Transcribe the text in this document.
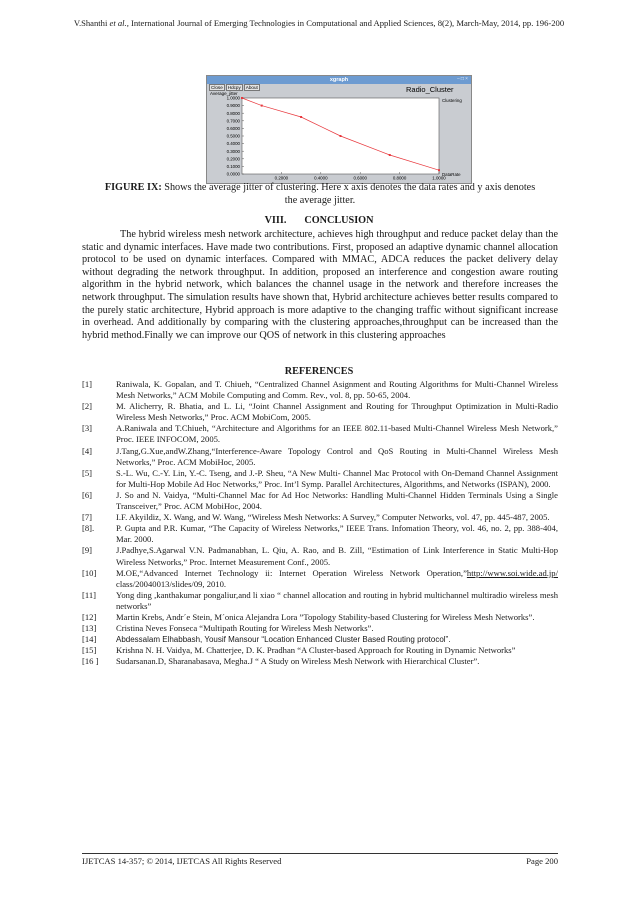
V.Shanthi et al., International Journal of Emerging Technologies in Computational and Applied Sciences, 8(2), March-May, 2014, pp. 196-200
xgraph	– □ ×
Close Hdcpy About
Average_jitter	Radio_Cluster
0.0000
0.1000
0.2000
0.3000
0.4000
0.5000
0.6000
0.7000
0.8000
0.9000
1.0000
0.2000	0.4000	0.6000	0.8000	1.0000
DataRate
Clustering
FIGURE IX: Shows the average jitter of clustering. Here x axis denotes the data rates and y axis denotes the average jitter.
VIII. CONCLUSION

The hybrid wireless mesh network architecture, achieves high throughput and reduce packet delay than the static and dynamic interfaces. Have made two contributions. First, proposed an adaptive dynamic channel allocation protocol to be used on dynamic interfaces. Compared with MMAC, ADCA reduces the packet delivery delay without degrading the network throughput. In addition, proposed an interference and congestion aware routing algorithm in the hybrid network, which balances the channel usage in the network and therefore increases the network throughput. The simulation results have shown that, Hybrid architecture achieves better results compared to the purely static architecture, Hybrid approach is more adaptive to the changing traffic without significant increase in overhead. And additionally by comparing with the clustering approaches,throughput can be increased than the hybrid method.Finally we can improve our QOS of network in this clustering approaches

REFERENCES
[1]	Raniwala, K. Gopalan, and T. Chiueh, “Centralized Channel Asignment and Routing Algorithms for Multi-Channel Wireless Mesh Networks,” ACM Mobile Computing and Comm. Rev., vol. 8, pp. 50-65, 2004.
[2]	M. Alicherry, R. Bhatia, and L. Li, “Joint Channel Assignment and Routing for Throughput Optimization in Multi-Radio Wireless Mesh Networks,” Proc. ACM MobiCom, 2005.
[3]	A.Raniwala and T.Chiueh, “Architecture and Algorithms for an IEEE 802.11-based Multi-Channel Wireless Mesh Network,” Proc. IEEE INFOCOM, 2005.
[4]	J.Tang,G.Xue,andW.Zhang,“Interference-Aware Topology Control and QoS Routing in Multi-Channel Wireless Mesh Networks,” Proc. ACM MobiHoc, 2005.
[5]	S.-L. Wu, C.-Y. Lin, Y.-C. Tseng, and J.-P. Sheu, “A New Multi- Channel Mac Protocol with On-Demand Channel Assignment for Multi-Hop Mobile Ad Hoc Networks,” Proc. Int’l Symp. Parallel Architectures, Algorithms, and Networks (ISPAN), 2000.
[6]	J. So and N. Vaidya, “Multi-Channel Mac for Ad Hoc Networks: Handling Multi-Channel Hidden Terminals Using a Single Transceiver,” Proc. ACM MobiHoc, 2004.
[7]	I.F. Akyildiz, X. Wang, and W. Wang, “Wireless Mesh Networks: A Survey,” Computer Networks, vol. 47, pp. 445-487, 2005.
[8].	P. Gupta and P.R. Kumar, “The Capacity of Wireless Networks,” IEEE Trans. Infomation Theory, vol. 46, no. 2, pp. 388-404, Mar. 2000.
[9]	J.Padhye,S.Agarwal V.N. Padmanabhan, L. Qiu, A. Rao, and B. Zill, “Estimation of Link Interference in Static Multi-Hop Wireless Networks,” Proc. Internet Measurement Conf., 2005.
[10]	M.OE,“Advanced Internet Technology ii: Internet Operation Wireless Network Operation,”http://www.soi.wide.ad.jp/ class/20040013/slides/09, 2010.
[11]	Yong ding ,kanthakumar pongaliur,and li xiao “ channel allocation and routing in hybrid multichannel multiradio wireless mesh networks”
[12]	Martin Krebs, Andr´e Stein, M´onica Alejandra Lora ”Topology Stability-based Clustering for Wireless Mesh Networks”.
[13]	Cristina Neves Fonseca “Multipath Routing for Wireless Mesh Networks”.
[14]	Abdessalam Elhabbash, Yousif Mansour “Location Enhanced Cluster Based Routing protocol”.
[15]	Krishna N. H. Vaidya, M. Chatterjee, D. K. Pradhan “A Cluster-based Approach for Routing in Dynamic Networks”
[16 ]	Sudarsanan.D, Sharanabasava, Megha.J “ A Study on Wireless Mesh Network with Hierarchical Cluster”.
IJETCAS 14-357; © 2014, IJETCAS All Rights Reserved	Page 200
